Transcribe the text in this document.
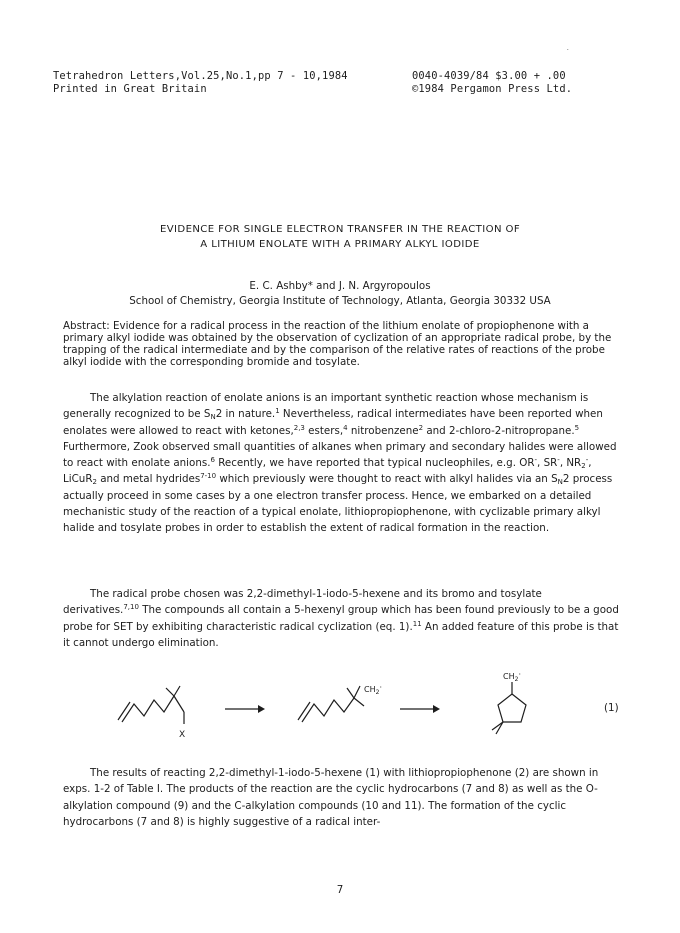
.
Tetrahedron Letters,Vol.25,No.1,pp 7 - 10,1984
Printed in Great Britain
0040-4039/84 $3.00 + .00
©1984 Pergamon Press Ltd.
EVIDENCE FOR SINGLE ELECTRON TRANSFER IN THE REACTION OF
A LITHIUM ENOLATE WITH A PRIMARY ALKYL IODIDE
E. C. Ashby* and J. N. Argyropoulos
School of Chemistry, Georgia Institute of Technology, Atlanta, Georgia 30332 USA
Abstract: Evidence for a radical process in the reaction of the lithium enolate of propiophenone with a primary alkyl iodide was obtained by the observation of cyclization of an appropriate radical probe, by the trapping of the radical intermediate and by the comparison of the relative rates of reactions of the probe alkyl iodide with the corresponding bromide and tosylate.
The alkylation reaction of enolate anions is an important synthetic reaction whose mechanism is generally recognized to be $S_N2$ in nature.$^1$ Nevertheless, radical intermediates have been reported when enolates were allowed to react with ketones,$^{2,3}$ esters,$^4$ nitrobenzene$^2$ and 2-chloro-2-nitropropane.$^5$ Furthermore, Zook observed small quantities of alkanes when primary and secondary halides were allowed to react with enolate anions.$^6$ Recently, we have reported that typical nucleophiles, e.g. OR-, SR-, $NR_2^-$, LiCuR$_2$ and metal hydrides$^{7-10}$ which previously were thought to react with alkyl halides via an $S_N2$ process actually proceed in some cases by a one electron transfer process. Hence, we embarked on a detailed mechanistic study of the reaction of a typical enolate, lithiopropiophenone, with cyclizable primary alkyl halide and tosylate probes in order to establish the extent of radical formation in the reaction.
The radical probe chosen was 2,2-dimethyl-1-iodo-5-hexene and its bromo and tosylate derivatives.$^{7,10}$ The compounds all contain a 5-hexenyl group which has been found previously to be a good probe for SET by exhibiting characteristic radical cyclization (eq. 1).$^{11}$ An added feature of this probe is that it cannot undergo elimination.
X
$CH_2\cdot$
$CH_2\cdot$
(1)
The results of reacting 2,2-dimethyl-1-iodo-5-hexene (1) with lithiopropiophenone (2) are shown in exps. 1-2 of Table I. The products of the reaction are the cyclic hydrocarbons (7 and 8) as well as the O-alkylation compound (9) and the C-alkylation compounds (10 and 11). The formation of the cyclic hydrocarbons (7 and 8) is highly suggestive of a radical inter-
7
